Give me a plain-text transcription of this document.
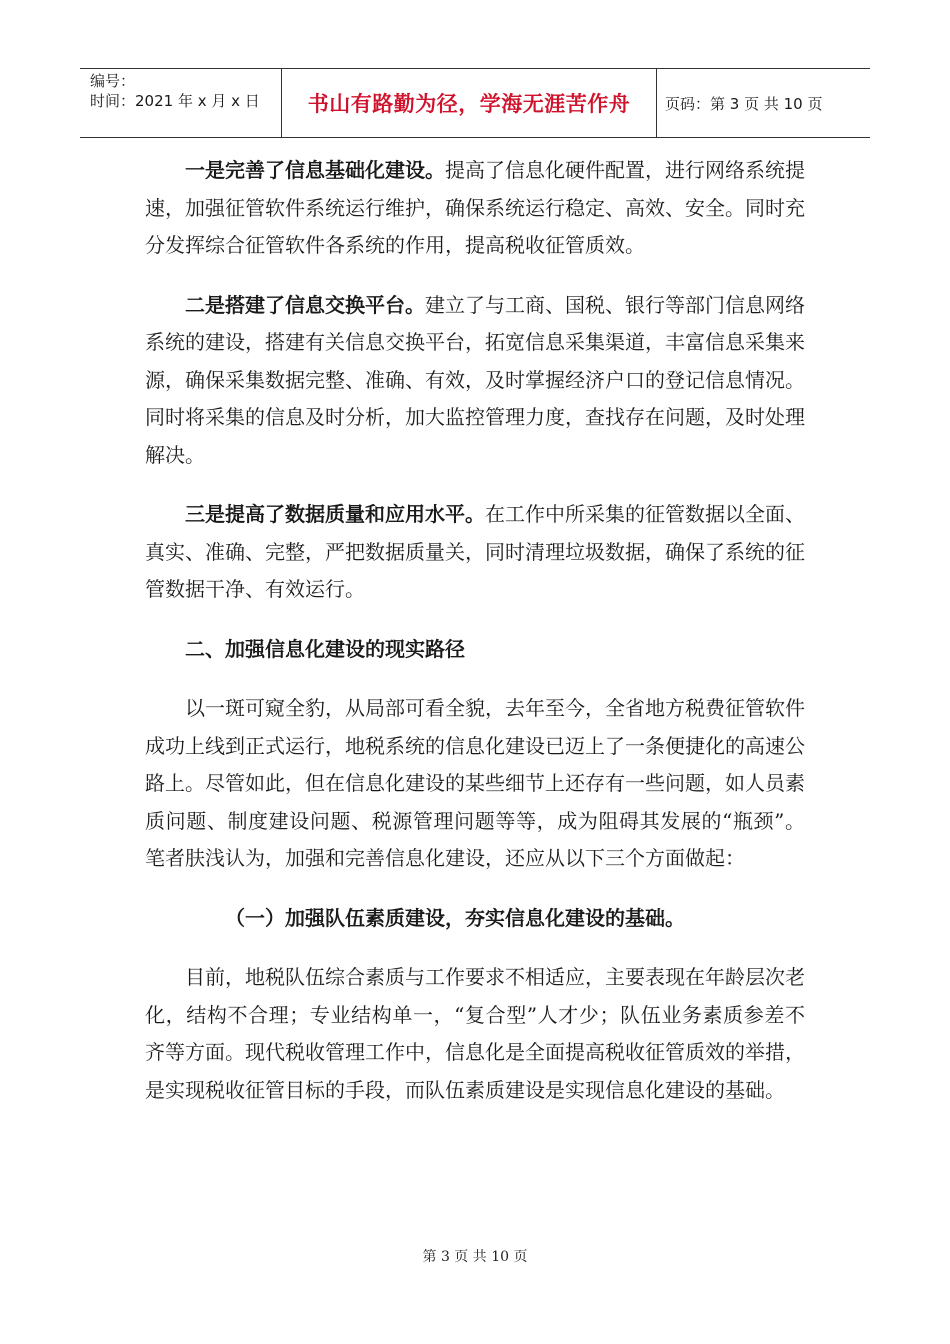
编号：
时间：2021 年 x 月 x 日	书山有路勤为径，学海无涯苦作舟	页码：第 3 页 共 10 页

一是完善了信息基础化建设。提高了信息化硬件配置，进行网络系统提速，加强征管软件系统运行维护，确保系统运行稳定、高效、安全。同时充分发挥综合征管软件各系统的作用，提高税收征管质效。

二是搭建了信息交换平台。建立了与工商、国税、银行等部门信息网络系统的建设，搭建有关信息交换平台，拓宽信息采集渠道，丰富信息采集来源，确保采集数据完整、准确、有效，及时掌握经济户口的登记信息情况。同时将采集的信息及时分析，加大监控管理力度，查找存在问题，及时处理解决。

三是提高了数据质量和应用水平。在工作中所采集的征管数据以全面、真实、准确、完整，严把数据质量关，同时清理垃圾数据，确保了系统的征管数据干净、有效运行。

二、加强信息化建设的现实路径

以一斑可窥全豹，从局部可看全貌，去年至今，全省地方税费征管软件成功上线到正式运行，地税系统的信息化建设已迈上了一条便捷化的高速公路上。尽管如此，但在信息化建设的某些细节上还存有一些问题，如人员素质问题、制度建设问题、税源管理问题等等，成为阻碍其发展的“瓶颈”。笔者肤浅认为，加强和完善信息化建设，还应从以下三个方面做起：

（一）加强队伍素质建设，夯实信息化建设的基础。

目前，地税队伍综合素质与工作要求不相适应，主要表现在年龄层次老化，结构不合理；专业结构单一，“复合型”人才少；队伍业务素质参差不齐等方面。现代税收管理工作中，信息化是全面提高税收征管质效的举措，是实现税收征管目标的手段，而队伍素质建设是实现信息化建设的基础。

第 3 页 共 10 页
